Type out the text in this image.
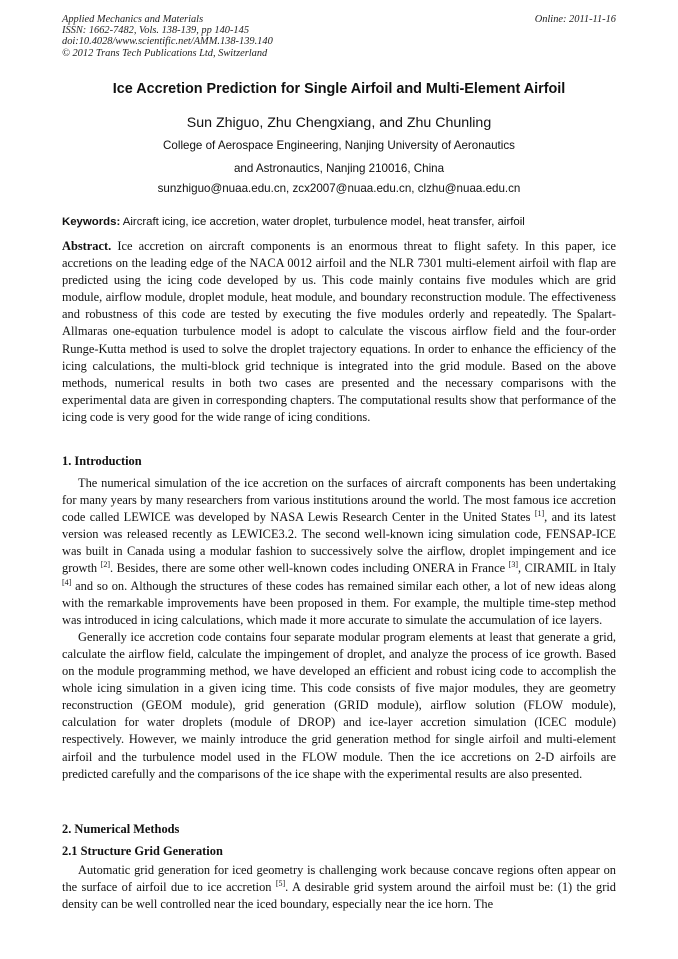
Applied Mechanics and Materials
ISSN: 1662-7482, Vols. 138-139, pp 140-145
doi:10.4028/www.scientific.net/AMM.138-139.140
© 2012 Trans Tech Publications Ltd, Switzerland
Online: 2011-11-16
Ice Accretion Prediction for Single Airfoil and Multi-Element Airfoil
Sun Zhiguo, Zhu Chengxiang, and Zhu Chunling
College of Aerospace Engineering, Nanjing University of Aeronautics
and Astronautics, Nanjing 210016, China
sunzhiguo@nuaa.edu.cn, zcx2007@nuaa.edu.cn, clzhu@nuaa.edu.cn
Keywords: Aircraft icing, ice accretion, water droplet, turbulence model, heat transfer, airfoil

Abstract. Ice accretion on aircraft components is an enormous threat to flight safety. In this paper, ice accretions on the leading edge of the NACA 0012 airfoil and the NLR 7301 multi-element airfoil with flap are predicted using the icing code developed by us. This code mainly contains five modules which are grid module, airflow module, droplet module, heat module, and boundary reconstruction module. The effectiveness and robustness of this code are tested by executing the five modules orderly and repeatedly. The Spalart-Allmaras one-equation turbulence model is adopt to calculate the viscous airflow field and the four-order Runge-Kutta method is used to solve the droplet trajectory equations. In order to enhance the efficiency of the icing calculations, the multi-block grid technique is integrated into the grid module. Based on the above methods, numerical results in both two cases are presented and the necessary comparisons with the experimental data are given in corresponding chapters. The computational results show that performance of the icing code is very good for the wide range of icing conditions.

1. Introduction

The numerical simulation of the ice accretion on the surfaces of aircraft components has been undertaking for many years by many researchers from various institutions around the world. The most famous ice accretion code called LEWICE was developed by NASA Lewis Research Center in the United States [1], and its latest version was released recently as LEWICE3.2. The second well-known icing simulation code, FENSAP-ICE was built in Canada using a modular fashion to successively solve the airflow, droplet impingement and ice growth [2]. Besides, there are some other well-known codes including ONERA in France [3], CIRAMIL in Italy [4] and so on. Although the structures of these codes has remained similar each other, a lot of new ideas along with the remarkable improvements have been proposed in them. For example, the multiple time-step method was introduced in icing calculations, which made it more accurate to simulate the accumulation of ice layers.

Generally ice accretion code contains four separate modular program elements at least that generate a grid, calculate the airflow field, calculate the impingement of droplet, and analyze the process of ice growth. Based on the module programming method, we have developed an efficient and robust icing code to accomplish the whole icing simulation in a given icing time. This code consists of five major modules, they are geometry reconstruction (GEOM module), grid generation (GRID module), airflow solution (FLOW module), calculation for water droplets (module of DROP) and ice-layer accretion simulation (ICEC module) respectively. However, we mainly introduce the grid generation method for single airfoil and multi-element airfoil and the turbulence model used in the FLOW module. Then the ice accretions on 2-D airfoils are predicted carefully and the comparisons of the ice shape with the experimental results are also presented.

2. Numerical Methods
2.1 Structure Grid Generation

Automatic grid generation for iced geometry is challenging work because concave regions often appear on the surface of airfoil due to ice accretion [5]. A desirable grid system around the airfoil must be: (1) the grid density can be well controlled near the iced boundary, especially near the ice horn. The
